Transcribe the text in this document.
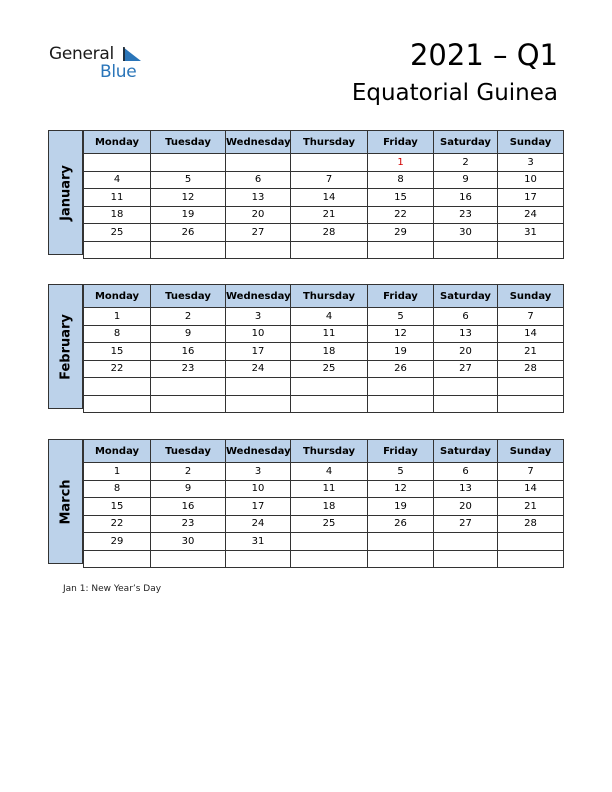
General
Blue	2021 – Q1
Equatorial Guinea
January
Monday	Tuesday	Wednesday	Thursday	Friday	Saturday	Sunday
				1	2	3
4	5	6	7	8	9	10
11	12	13	14	15	16	17
18	19	20	21	22	23	24
25	26	27	28	29	30	31

February
Monday	Tuesday	Wednesday	Thursday	Friday	Saturday	Sunday
1	2	3	4	5	6	7
8	9	10	11	12	13	14
15	16	17	18	19	20	21
22	23	24	25	26	27	28

March
Monday	Tuesday	Wednesday	Thursday	Friday	Saturday	Sunday
1	2	3	4	5	6	7
8	9	10	11	12	13	14
15	16	17	18	19	20	21
22	23	24	25	26	27	28
29	30	31				

Jan 1: New Year’s Day
